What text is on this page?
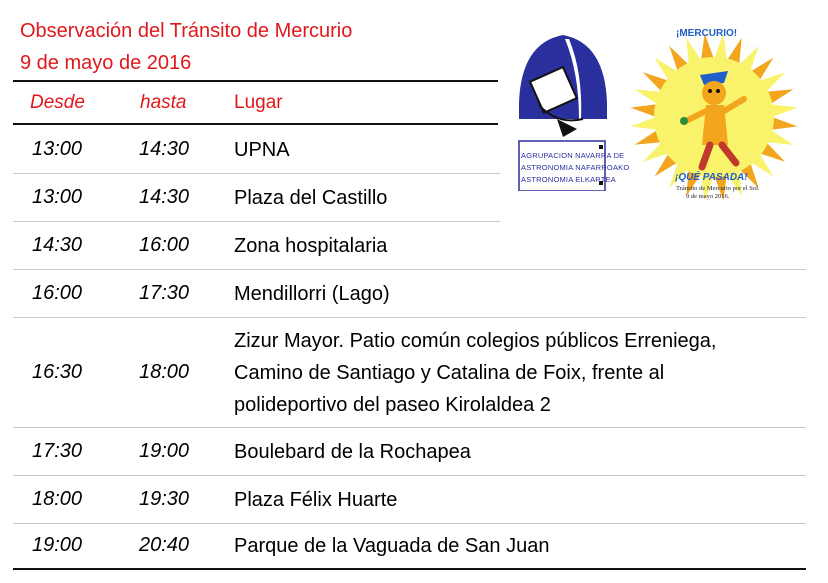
Observación del Tránsito de Mercurio
9 de mayo de 2016
Desde	hasta	Lugar
13:00	14:30 UPNA
13:00	14:30 Plaza del Castillo
14:30	16:00 Zona hospitalaria
16:00	17:30 Mendillorri (Lago)
16:30	18:00
Zizur Mayor. Patio común colegios públicos Erreniega,
Camino de Santiago y Catalina de Foix, frente al
polideportivo del paseo Kirolaldea 2
17:30	19:00 Boulebard de la Rochapea
18:00	19:30 Plaza Félix Huarte
19:00	20:40 Parque de la Vaguada de San Juan
AGRUPACION NAVARRA DE
ASTRONOMIA NAFARROAKO
ASTRONOMIA ELKARTEA
¡MERCURIO!
¡QUÉ PASADA!
Tránsito de Mercurio por el Sol.
9 de mayo 2016.
